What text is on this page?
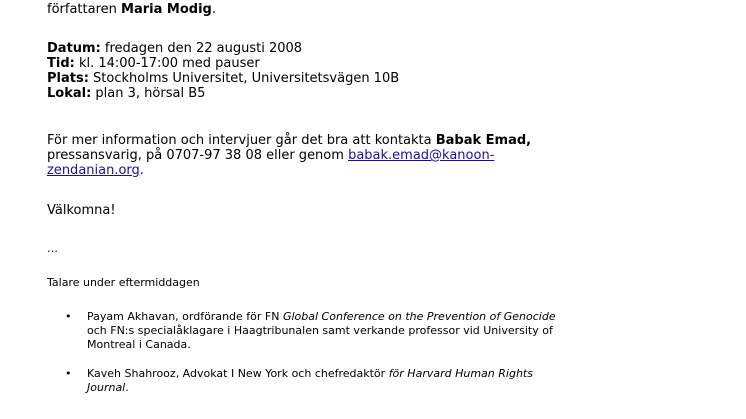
författaren Maria Modig.

Datum: fredagen den 22 augusti 2008
Tid: kl. 14:00-17:00 med pauser
Plats: Stockholms Universitet, Universitetsvägen 10B
Lokal: plan 3, hörsal B5
För mer information och intervjuer går det bra att kontakta Babak Emad,
pressansvarig, på 0707-97 38 08 eller genom babak.emad@kanoon-
zendanian.org.

Välkomna!

…

Talare under eftermiddagen

• Payam Akhavan, ordförande för FN Global Conference on the Prevention of Genocide
och FN:s specialåklagare i Haagtribunalen samt verkande professor vid University of
Montreal i Canada.
• Kaveh Shahrooz, Advokat I New York och chefredaktör för Harvard Human Rights
Journal.
